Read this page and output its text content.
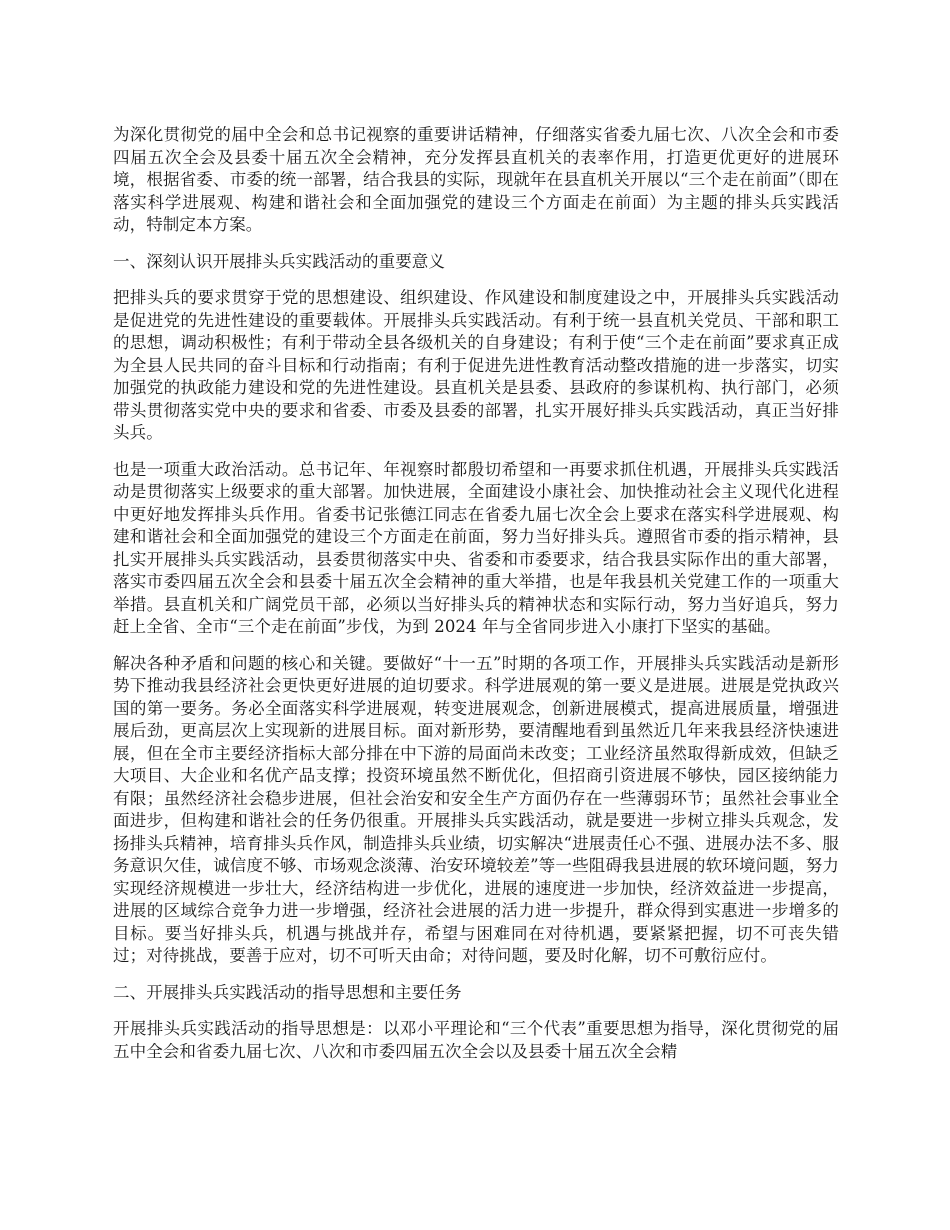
为深化贯彻党的届中全会和总书记视察的重要讲话精神，仔细落实省委九届七次、八次全会和市委四届五次全会及县委十届五次全会精神，充分发挥县直机关的表率作用，打造更优更好的进展环境，根据省委、市委的统一部署，结合我县的实际，现就年在县直机关开展以“三个走在前面”（即在落实科学进展观、构建和谐社会和全面加强党的建设三个方面走在前面）为主题的排头兵实践活动，特制定本方案。

一、深刻认识开展排头兵实践活动的重要意义

把排头兵的要求贯穿于党的思想建设、组织建设、作风建设和制度建设之中，开展排头兵实践活动是促进党的先进性建设的重要载体。开展排头兵实践活动。有利于统一县直机关党员、干部和职工的思想，调动积极性；有利于带动全县各级机关的自身建设；有利于使“三个走在前面”要求真正成为全县人民共同的奋斗目标和行动指南；有利于促进先进性教育活动整改措施的进一步落实，切实加强党的执政能力建设和党的先进性建设。县直机关是县委、县政府的参谋机构、执行部门，必须带头贯彻落实党中央的要求和省委、市委及县委的部署，扎实开展好排头兵实践活动，真正当好排头兵。

也是一项重大政治活动。总书记年、年视察时都殷切希望和一再要求抓住机遇，开展排头兵实践活动是贯彻落实上级要求的重大部署。加快进展，全面建设小康社会、加快推动社会主义现代化进程中更好地发挥排头兵作用。省委书记张德江同志在省委九届七次全会上要求在落实科学进展观、构建和谐社会和全面加强党的建设三个方面走在前面，努力当好排头兵。遵照省市委的指示精神，县扎实开展排头兵实践活动，县委贯彻落实中央、省委和市委要求，结合我县实际作出的重大部署，落实市委四届五次全会和县委十届五次全会精神的重大举措，也是年我县机关党建工作的一项重大举措。县直机关和广阔党员干部，必须以当好排头兵的精神状态和实际行动，努力当好追兵，努力赶上全省、全市“三个走在前面”步伐，为到 2024 年与全省同步进入小康打下坚实的基础。

解决各种矛盾和问题的核心和关键。要做好“十一五”时期的各项工作，开展排头兵实践活动是新形势下推动我县经济社会更快更好进展的迫切要求。科学进展观的第一要义是进展。进展是党执政兴国的第一要务。务必全面落实科学进展观，转变进展观念，创新进展模式，提高进展质量，增强进展后劲，更高层次上实现新的进展目标。面对新形势，要清醒地看到虽然近几年来我县经济快速进展，但在全市主要经济指标大部分排在中下游的局面尚未改变；工业经济虽然取得新成效，但缺乏大项目、大企业和名优产品支撑；投资环境虽然不断优化，但招商引资进展不够快，园区接纳能力有限；虽然经济社会稳步进展，但社会治安和安全生产方面仍存在一些薄弱环节；虽然社会事业全面进步，但构建和谐社会的任务仍很重。开展排头兵实践活动，就是要进一步树立排头兵观念，发扬排头兵精神，培育排头兵作风，制造排头兵业绩，切实解决“进展责任心不强、进展办法不多、服务意识欠佳，诚信度不够、市场观念淡薄、治安环境较差”等一些阻碍我县进展的软环境问题，努力实现经济规模进一步壮大，经济结构进一步优化，进展的速度进一步加快，经济效益进一步提高，进展的区域综合竞争力进一步增强，经济社会进展的活力进一步提升，群众得到实惠进一步增多的目标。要当好排头兵，机遇与挑战并存，希望与困难同在对待机遇，要紧紧把握，切不可丧失错过；对待挑战，要善于应对，切不可听天由命；对待问题，要及时化解，切不可敷衍应付。

二、开展排头兵实践活动的指导思想和主要任务

开展排头兵实践活动的指导思想是：以邓小平理论和“三个代表”重要思想为指导，深化贯彻党的届五中全会和省委九届七次、八次和市委四届五次全会以及县委十届五次全会精
